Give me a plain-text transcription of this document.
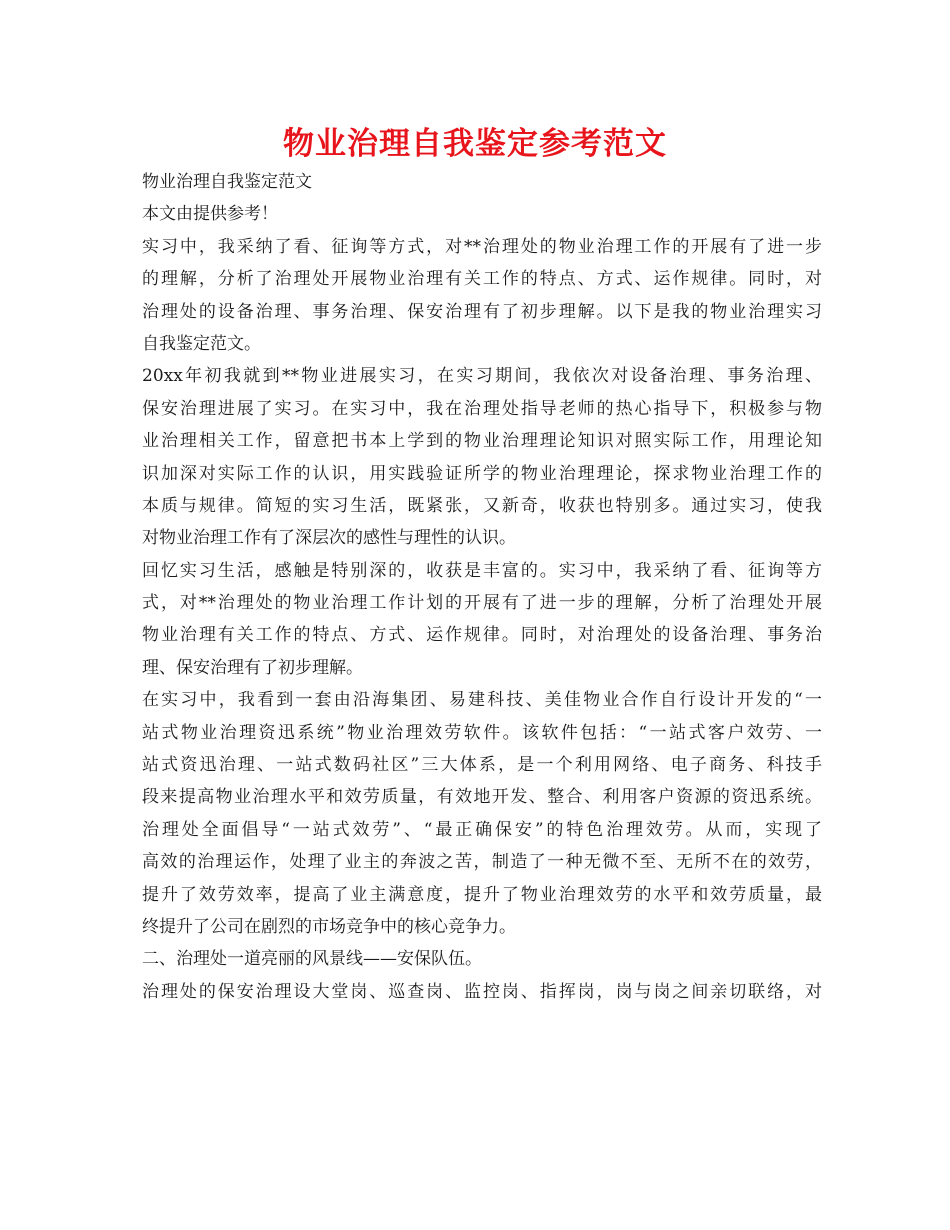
物业治理自我鉴定参考范文
物业治理自我鉴定范文
本文由提供参考！
实习中，我采纳了看、征询等方式，对**治理处的物业治理工作的开展有了进一步
的理解，分析了治理处开展物业治理有关工作的特点、方式、运作规律。同时，对
治理处的设备治理、事务治理、保安治理有了初步理解。以下是我的物业治理实习
自我鉴定范文。
20xx年初我就到**物业进展实习，在实习期间，我依次对设备治理、事务治理、
保安治理进展了实习。在实习中，我在治理处指导老师的热心指导下，积极参与物
业治理相关工作，留意把书本上学到的物业治理理论知识对照实际工作，用理论知
识加深对实际工作的认识，用实践验证所学的物业治理理论，探求物业治理工作的
本质与规律。简短的实习生活，既紧张，又新奇，收获也特别多。通过实习，使我
对物业治理工作有了深层次的感性与理性的认识。
回忆实习生活，感触是特别深的，收获是丰富的。实习中，我采纳了看、征询等方
式，对**治理处的物业治理工作计划的开展有了进一步的理解，分析了治理处开展
物业治理有关工作的特点、方式、运作规律。同时，对治理处的设备治理、事务治
理、保安治理有了初步理解。
在实习中，我看到一套由沿海集团、易建科技、美佳物业合作自行设计开发的“一
站式物业治理资迅系统”物业治理效劳软件。该软件包括：“一站式客户效劳、一
站式资迅治理、一站式数码社区”三大体系，是一个利用网络、电子商务、科技手
段来提高物业治理水平和效劳质量，有效地开发、整合、利用客户资源的资迅系统。
治理处全面倡导“一站式效劳”、“最正确保安”的特色治理效劳。从而，实现了
高效的治理运作，处理了业主的奔波之苦，制造了一种无微不至、无所不在的效劳，
提升了效劳效率，提高了业主满意度，提升了物业治理效劳的水平和效劳质量，最
终提升了公司在剧烈的市场竞争中的核心竞争力。
二、治理处一道亮丽的风景线——安保队伍。
治理处的保安治理设大堂岗、巡查岗、监控岗、指挥岗，岗与岗之间亲切联络，对
